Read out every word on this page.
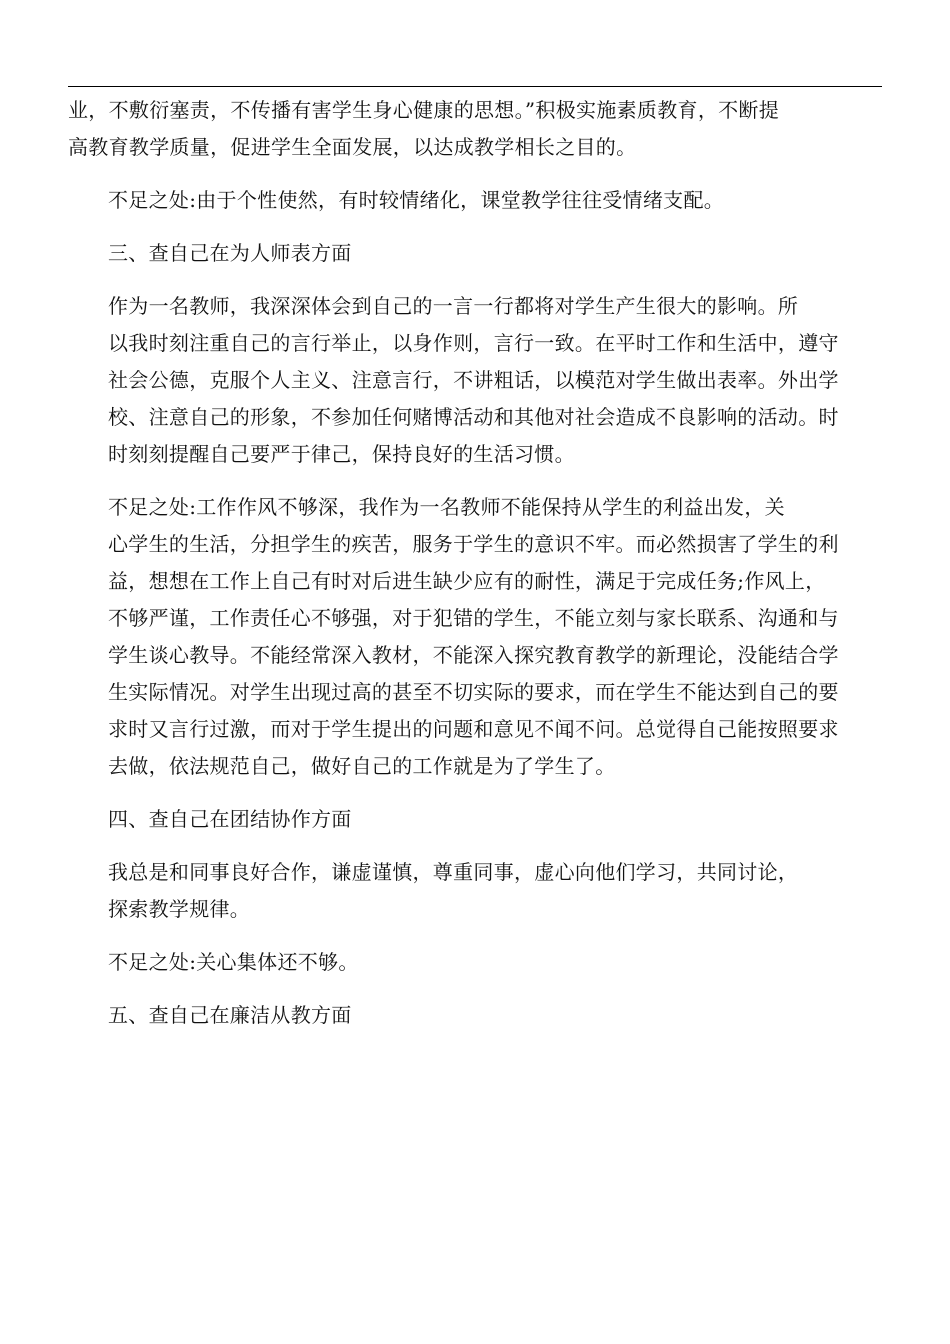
业，不敷衍塞责，不传播有害学生身心健康的思想。”积极实施素质教育，不断提
高教育教学质量，促进学生全面发展，以达成教学相长之目的。

不足之处:由于个性使然，有时较情绪化，课堂教学往往受情绪支配。

三、查自己在为人师表方面

作为一名教师，我深深体会到自己的一言一行都将对学生产生很大的影响。所
以我时刻注重自己的言行举止，以身作则，言行一致。在平时工作和生活中，遵守
社会公德，克服个人主义、注意言行，不讲粗话，以模范对学生做出表率。外出学
校、注意自己的形象，不参加任何赌博活动和其他对社会造成不良影响的活动。时
时刻刻提醒自己要严于律己，保持良好的生活习惯。

不足之处:工作作风不够深，我作为一名教师不能保持从学生的利益出发，关
心学生的生活，分担学生的疾苦，服务于学生的意识不牢。而必然损害了学生的利
益，想想在工作上自己有时对后进生缺少应有的耐性，满足于完成任务;作风上，
不够严谨，工作责任心不够强，对于犯错的学生，不能立刻与家长联系、沟通和与
学生谈心教导。不能经常深入教材，不能深入探究教育教学的新理论，没能结合学
生实际情况。对学生出现过高的甚至不切实际的要求，而在学生不能达到自己的要
求时又言行过激，而对于学生提出的问题和意见不闻不问。总觉得自己能按照要求
去做，依法规范自己，做好自己的工作就是为了学生了。

四、查自己在团结协作方面

我总是和同事良好合作，谦虚谨慎，尊重同事，虚心向他们学习，共同讨论，
探索教学规律。

不足之处:关心集体还不够。

五、查自己在廉洁从教方面
